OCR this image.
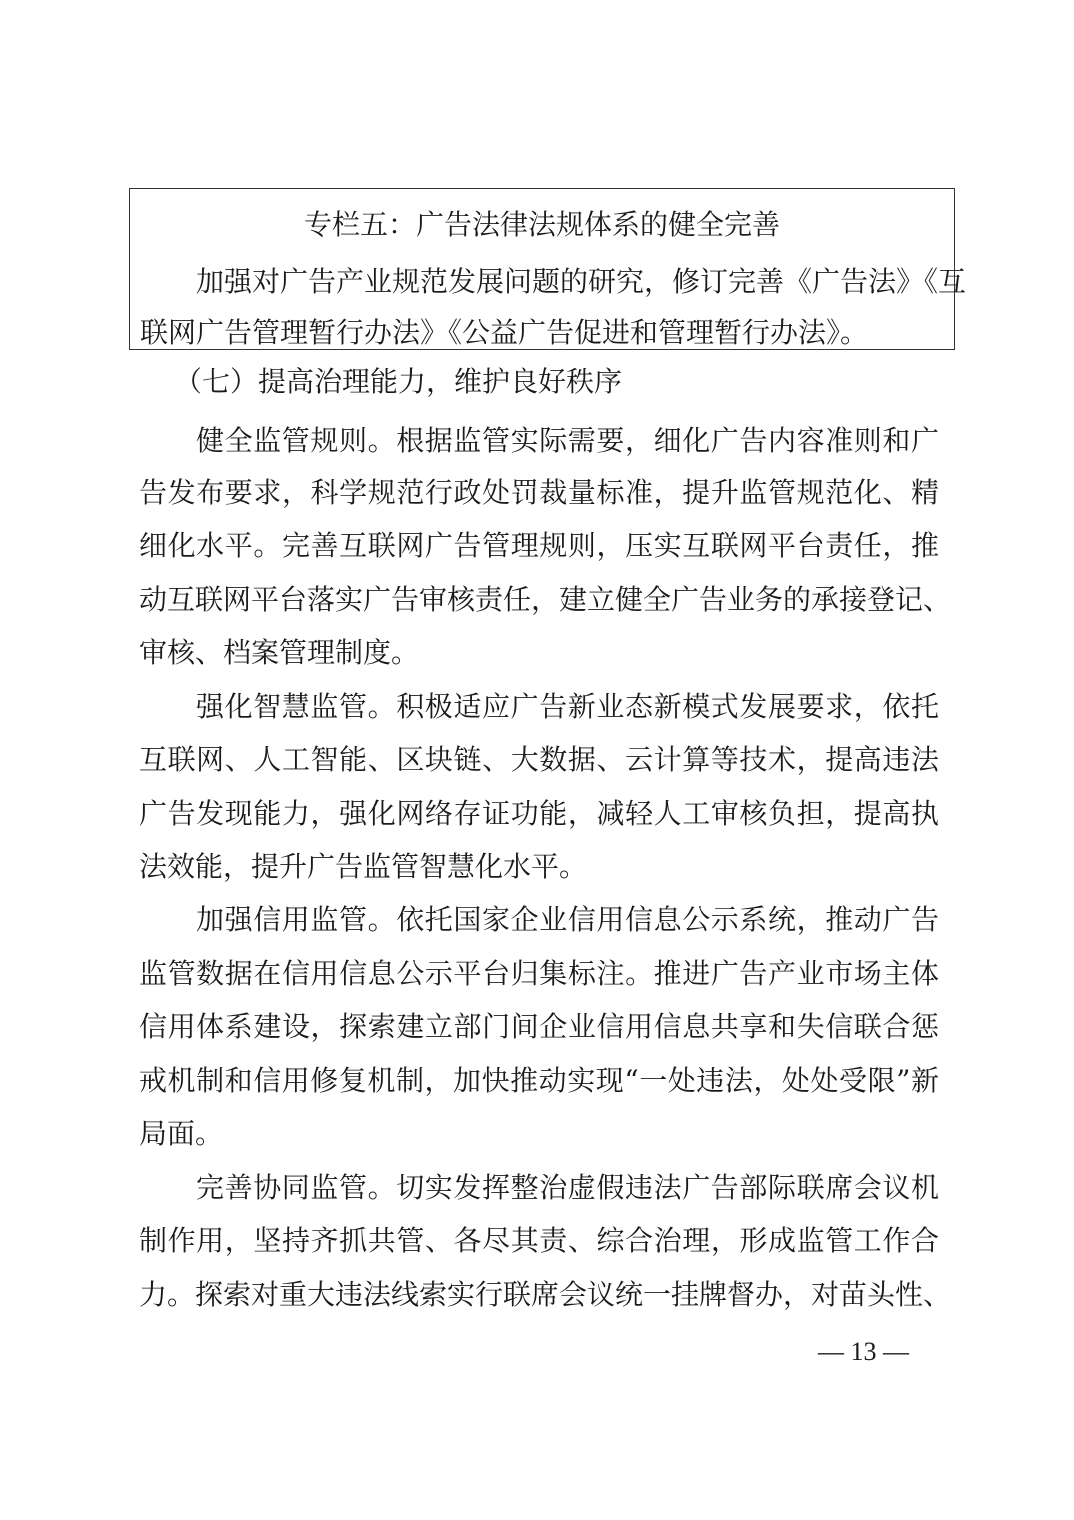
专栏五：广告法律法规体系的健全完善
加强对广告产业规范发展问题的研究，修订完善《广告法》《互
联网广告管理暂行办法》《公益广告促进和管理暂行办法》。
（七）提高治理能力，维护良好秩序
健全监管规则。根据监管实际需要，细化广告内容准则和广
告发布要求，科学规范行政处罚裁量标准，提升监管规范化、精
细化水平。完善互联网广告管理规则，压实互联网平台责任，推
动互联网平台落实广告审核责任，建立健全广告业务的承接登记、
审核、档案管理制度。
强化智慧监管。积极适应广告新业态新模式发展要求，依托
互联网、人工智能、区块链、大数据、云计算等技术，提高违法
广告发现能力，强化网络存证功能，减轻人工审核负担，提高执
法效能，提升广告监管智慧化水平。
加强信用监管。依托国家企业信用信息公示系统，推动广告
监管数据在信用信息公示平台归集标注。推进广告产业市场主体
信用体系建设，探索建立部门间企业信用信息共享和失信联合惩
戒机制和信用修复机制，加快推动实现“一处违法，处处受限”新
局面。
完善协同监管。切实发挥整治虚假违法广告部际联席会议机
制作用，坚持齐抓共管、各尽其责、综合治理，形成监管工作合
力。探索对重大违法线索实行联席会议统一挂牌督办，对苗头性、
— 13 —
